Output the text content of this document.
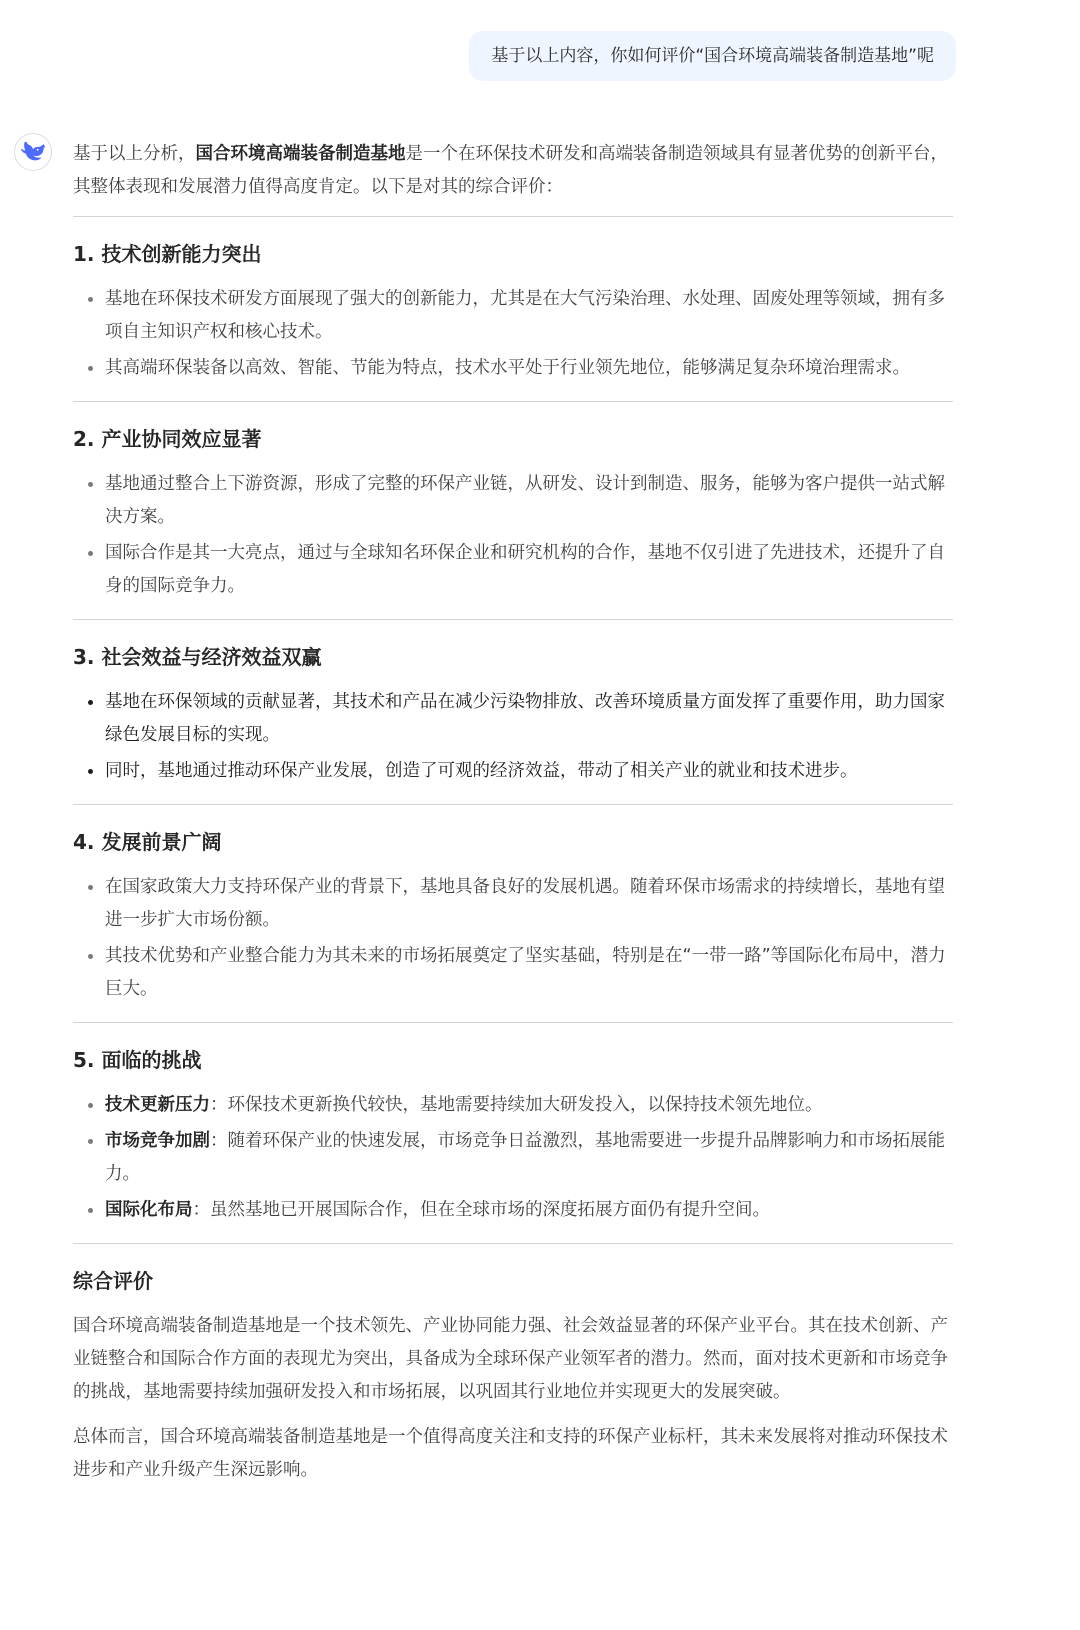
基于以上内容，你如何评价“国合环境高端装备制造基地”呢

基于以上分析，国合环境高端装备制造基地是一个在环保技术研发和高端装备制造领域具有显著优势的创新平台，其整体表现和发展潜力值得高度肯定。以下是对其的综合评价：

1. 技术创新能力突出
基地在环保技术研发方面展现了强大的创新能力，尤其是在大气污染治理、水处理、固废处理等领域，拥有多项自主知识产权和核心技术。
其高端环保装备以高效、智能、节能为特点，技术水平处于行业领先地位，能够满足复杂环境治理需求。
2. 产业协同效应显著
基地通过整合上下游资源，形成了完整的环保产业链，从研发、设计到制造、服务，能够为客户提供一站式解决方案。
国际合作是其一大亮点，通过与全球知名环保企业和研究机构的合作，基地不仅引进了先进技术，还提升了自身的国际竞争力。
3. 社会效益与经济效益双赢
基地在环保领域的贡献显著，其技术和产品在减少污染物排放、改善环境质量方面发挥了重要作用，助力国家绿色发展目标的实现。
同时，基地通过推动环保产业发展，创造了可观的经济效益，带动了相关产业的就业和技术进步。
4. 发展前景广阔
在国家政策大力支持环保产业的背景下，基地具备良好的发展机遇。随着环保市场需求的持续增长，基地有望进一步扩大市场份额。
其技术优势和产业整合能力为其未来的市场拓展奠定了坚实基础，特别是在“一带一路”等国际化布局中，潜力巨大。
5. 面临的挑战
技术更新压力：环保技术更新换代较快，基地需要持续加大研发投入，以保持技术领先地位。
市场竞争加剧：随着环保产业的快速发展，市场竞争日益激烈，基地需要进一步提升品牌影响力和市场拓展能力。
国际化布局：虽然基地已开展国际合作，但在全球市场的深度拓展方面仍有提升空间。
综合评价

国合环境高端装备制造基地是一个技术领先、产业协同能力强、社会效益显著的环保产业平台。其在技术创新、产业链整合和国际合作方面的表现尤为突出，具备成为全球环保产业领军者的潜力。然而，面对技术更新和市场竞争的挑战，基地需要持续加强研发投入和市场拓展，以巩固其行业地位并实现更大的发展突破。

总体而言，国合环境高端装备制造基地是一个值得高度关注和支持的环保产业标杆，其未来发展将对推动环保技术进步和产业升级产生深远影响。
